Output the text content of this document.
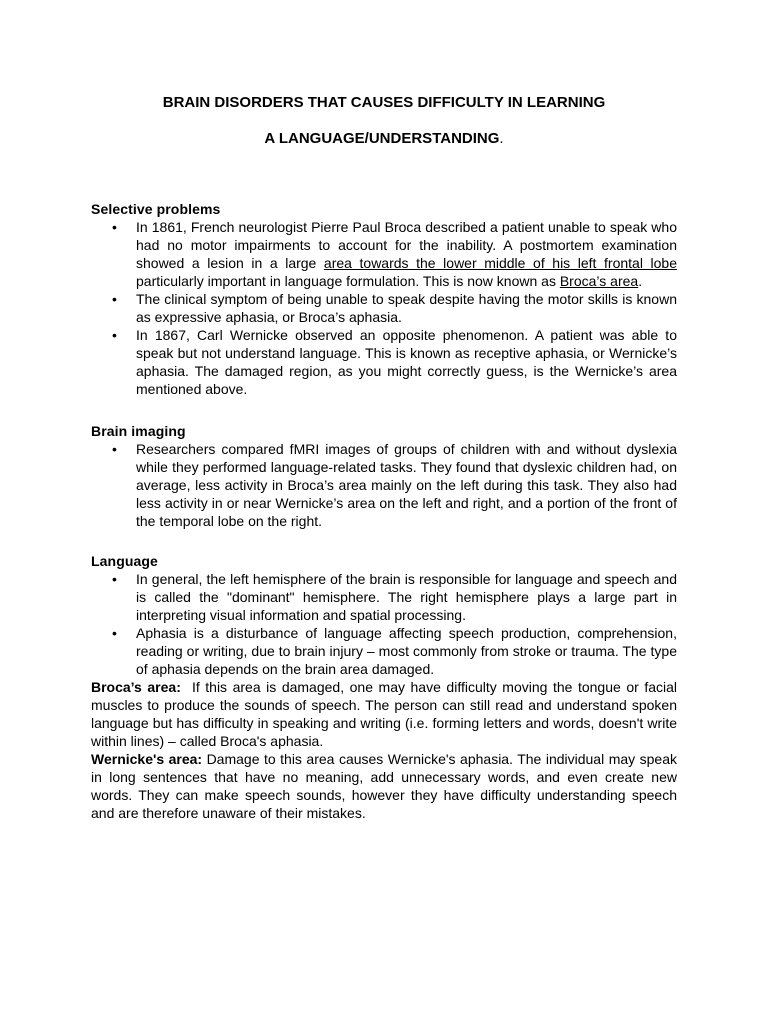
BRAIN DISORDERS THAT CAUSES DIFFICULTY IN LEARNING
A LANGUAGE/UNDERSTANDING.
Selective problems
• In 1861, French neurologist Pierre Paul Broca described a patient unable to speak who had no motor impairments to account for the inability. A postmortem examination showed a lesion in a large area towards the lower middle of his left frontal lobe particularly important in language formulation. This is now known as Broca’s area.
• The clinical symptom of being unable to speak despite having the motor skills is known as expressive aphasia, or Broca’s aphasia.
• In 1867, Carl Wernicke observed an opposite phenomenon. A patient was able to speak but not understand language. This is known as receptive aphasia, or Wernicke’s aphasia. The damaged region, as you might correctly guess, is the Wernicke’s area mentioned above.
Brain imaging
• Researchers compared fMRI images of groups of children with and without dyslexia while they performed language-related tasks. They found that dyslexic children had, on average, less activity in Broca’s area mainly on the left during this task. They also had less activity in or near Wernicke’s area on the left and right, and a portion of the front of the temporal lobe on the right.
Language
• In general, the left hemisphere of the brain is responsible for language and speech and is called the "dominant" hemisphere. The right hemisphere plays a large part in interpreting visual information and spatial processing.
• Aphasia is a disturbance of language affecting speech production, comprehension, reading or writing, due to brain injury – most commonly from stroke or trauma. The type of aphasia depends on the brain area damaged.

Broca’s area:  If this area is damaged, one may have difficulty moving the tongue or facial muscles to produce the sounds of speech. The person can still read and understand spoken language but has difficulty in speaking and writing (i.e. forming letters and words, doesn't write within lines) – called Broca's aphasia.

Wernicke's area: Damage to this area causes Wernicke's aphasia. The individual may speak in long sentences that have no meaning, add unnecessary words, and even create new words. They can make speech sounds, however they have difficulty understanding speech and are therefore unaware of their mistakes.
